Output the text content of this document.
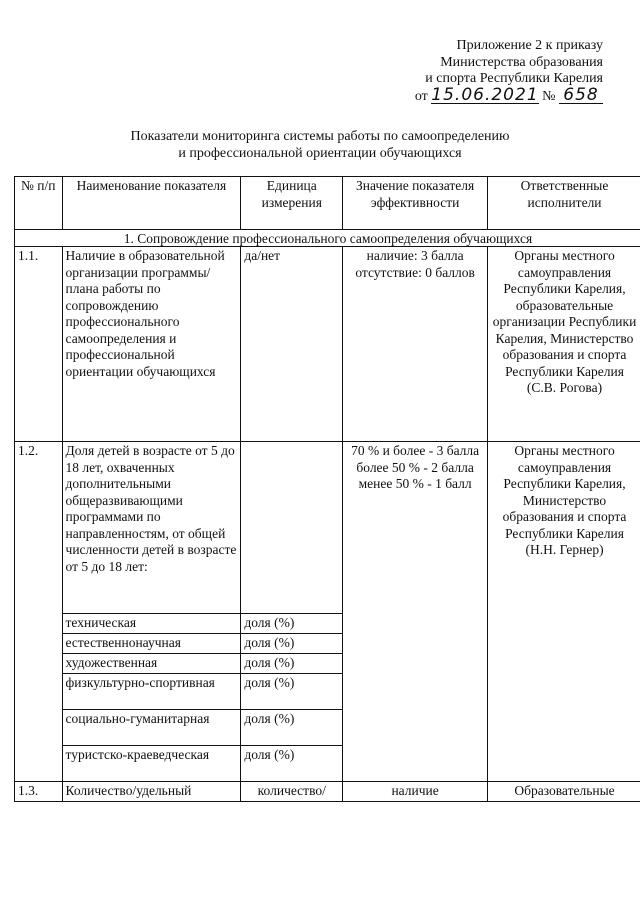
Приложение 2 к приказу
Министерства образования
и спорта Республики Карелия
от 15.06.2021 № 658
Показатели мониторинга системы работы по самоопределению
и профессиональной ориентации обучающихся
№ п/п	Наименование показателя	Единица измерения	Значение показателя эффективности	Ответственные исполнители
1. Сопровождение профессионального самоопределения обучающихся				
1.1.	Наличие в образовательной организации программы/плана работы по сопровождению профессионального самоопределения и профессиональной ориентации обучающихся	да/нет	наличие: 3 балла отсутствие: 0 баллов	Органы местного самоуправления Республики Карелия, образовательные организации Республики Карелия, Министерство образования и спорта Республики Карелия (С.В. Рогова)
1.2.	Доля детей в возрасте от 5 до 18 лет, охваченных дополнительными общеразвивающими программами по направленностям, от общей численности детей в возрасте от 5 до 18 лет:		70 % и более - 3 балла более 50 % - 2 балла менее 50 % - 1 балл	Органы местного самоуправления Республики Карелия, Министерство образования и спорта Республики Карелия (Н.Н. Гернер)
	техническая	доля (%)		
	естественнонаучная	доля (%)		
	художественная	доля (%)		
	физкультурно-спортивная	доля (%)		
	социально-гуманитарная	доля (%)		
	туристско-краеведческая	доля (%)		
1.3.	Количество/удельный	количество/	наличие	Образовательные
